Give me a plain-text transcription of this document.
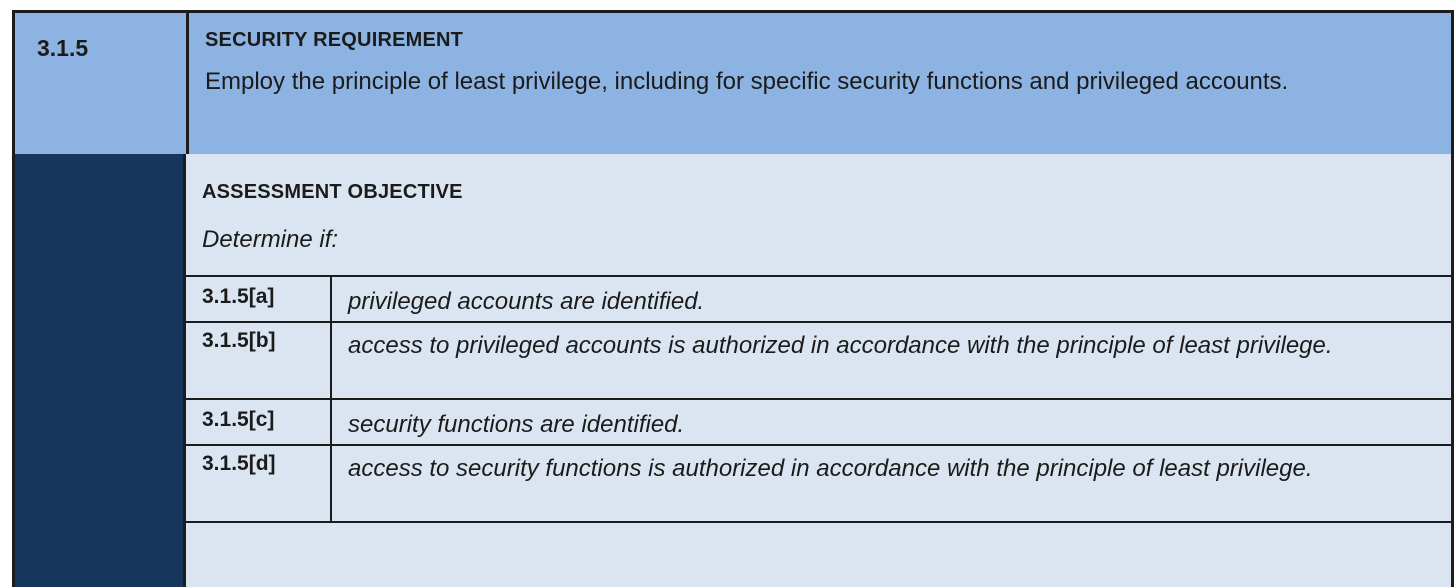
3.1.5	SECURITY REQUIREMENT
Employ the principle of least privilege, including for specific security functions and privileged accounts.
ASSESSMENT OBJECTIVE
Determine if:
3.1.5[a]	privileged accounts are identified.
3.1.5[b]	access to privileged accounts is authorized in accordance with the principle of least privilege.
3.1.5[c]	security functions are identified.
3.1.5[d]	access to security functions is authorized in accordance with the principle of least privilege.
